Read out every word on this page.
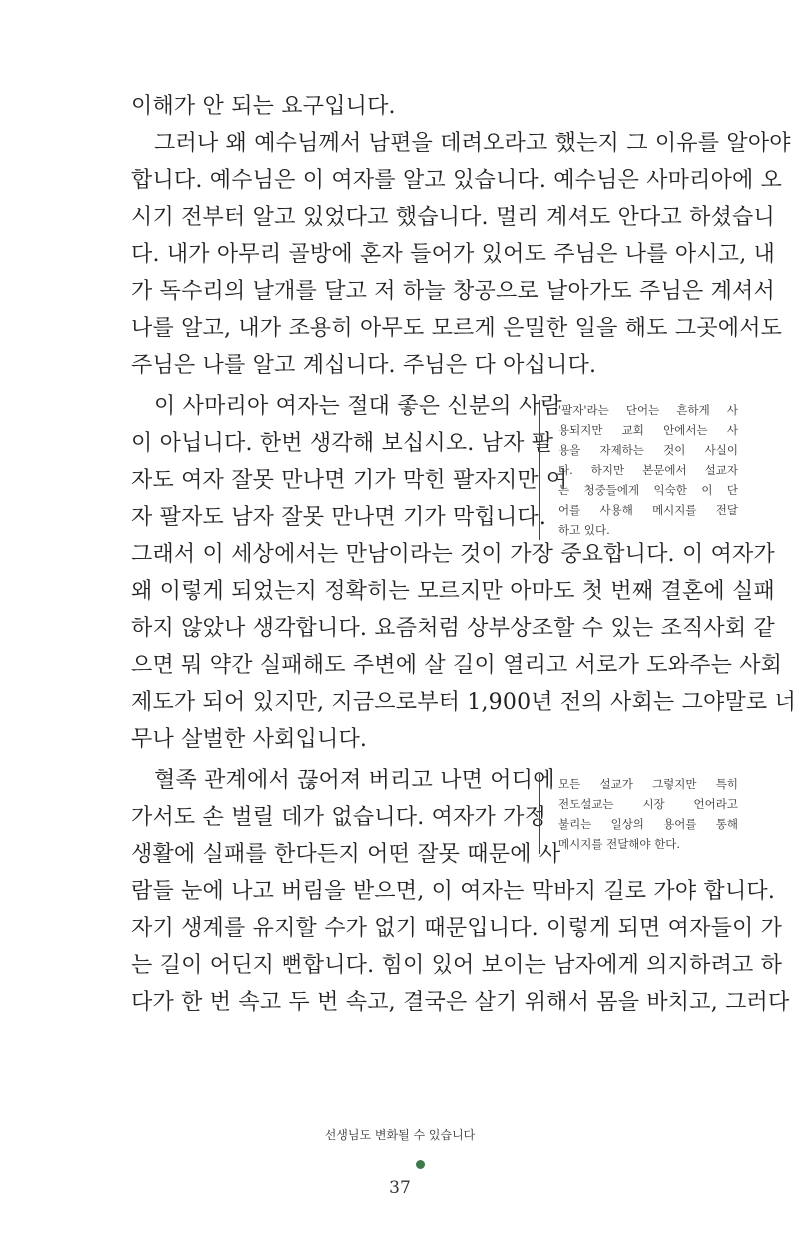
이해가 안 되는 요구입니다.
그러나 왜 예수님께서 남편을 데려오라고 했는지 그 이유를 알아야
합니다. 예수님은 이 여자를 알고 있습니다. 예수님은 사마리아에 오
시기 전부터 알고 있었다고 했습니다. 멀리 계셔도 안다고 하셨습니
다. 내가 아무리 골방에 혼자 들어가 있어도 주님은 나를 아시고, 내
가 독수리의 날개를 달고 저 하늘 창공으로 날아가도 주님은 계셔서
나를 알고, 내가 조용히 아무도 모르게 은밀한 일을 해도 그곳에서도
주님은 나를 알고 계십니다. 주님은 다 아십니다.
이 사마리아 여자는 절대 좋은 신분의 사람
이 아닙니다. 한번 생각해 보십시오. 남자 팔
자도 여자 잘못 만나면 기가 막힌 팔자지만 여
자 팔자도 남자 잘못 만나면 기가 막힙니다.
그래서 이 세상에서는 만남이라는 것이 가장 중요합니다. 이 여자가
왜 이렇게 되었는지 정확히는 모르지만 아마도 첫 번째 결혼에 실패
하지 않았나 생각합니다. 요즘처럼 상부상조할 수 있는 조직사회 같
으면 뭐 약간 실패해도 주변에 살 길이 열리고 서로가 도와주는 사회
제도가 되어 있지만, 지금으로부터 1,900년 전의 사회는 그야말로 너
무나 살벌한 사회입니다.
혈족 관계에서 끊어져 버리고 나면 어디에
가서도 손 벌릴 데가 없습니다. 여자가 가정
생활에 실패를 한다든지 어떤 잘못 때문에 사
람들 눈에 나고 버림을 받으면, 이 여자는 막바지 길로 가야 합니다.
자기 생계를 유지할 수가 없기 때문입니다. 이렇게 되면 여자들이 가
는 길이 어딘지 뻔합니다. 힘이 있어 보이는 남자에게 의지하려고 하
다가 한 번 속고 두 번 속고, 결국은 살기 위해서 몸을 바치고, 그러다
'팔자'라는 단어는 흔하게 사
용되지만 교회 안에서는 사
용을 자제하는 것이 사실이
다. 하지만 본문에서 설교자
는 청중들에게 익숙한 이 단
어를 사용해 메시지를 전달
하고 있다.
모든 설교가 그렇지만 특히
전도설교는 시장 언어라고
불리는 일상의 용어를 통해
메시지를 전달해야 한다.
선생님도 변화될 수 있습니다
37
